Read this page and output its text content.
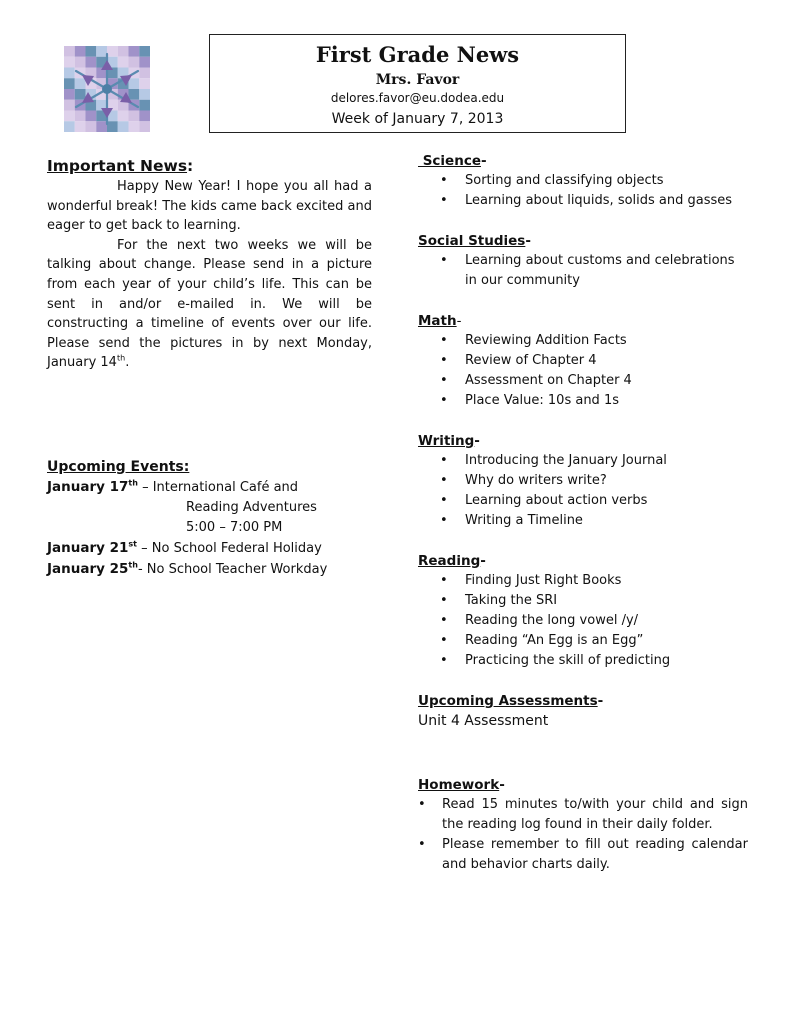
First Grade News
Mrs. Favor
delores.favor@eu.dodea.edu
Week of January 7, 2013
Important News:

Happy New Year! I hope you all had a wonderful break! The kids came back excited and eager to get back to learning.

For the next two weeks we will be talking about change. Please send in a picture from each year of your child’s life. This can be sent in and/or e-mailed in. We will be constructing a timeline of events over our life. Please send the pictures in by next Monday, January 14th.

Upcoming Events:
January 17th – International Café and
Reading Adventures
5:00 – 7:00 PM
January 21st – No School Federal Holiday
January 25th- No School Teacher Workday
Science-
• Sorting and classifying objects
• Learning about liquids, solids and gasses
Social Studies-
• Learning about customs and celebrations in our community
Math-
• Reviewing Addition Facts
• Review of Chapter 4
• Assessment on Chapter 4
• Place Value: 10s and 1s
Writing-
• Introducing the January Journal
• Why do writers write?
• Learning about action verbs
• Writing a Timeline
Reading-
• Finding Just Right Books
• Taking the SRI
• Reading the long vowel /y/
• Reading “An Egg is an Egg”
• Practicing the skill of predicting
Upcoming Assessments-
Unit 4 Assessment
Homework-
• Read 15 minutes to/with your child and sign the reading log found in their daily folder.
• Please remember to fill out reading calendar and behavior charts daily.
